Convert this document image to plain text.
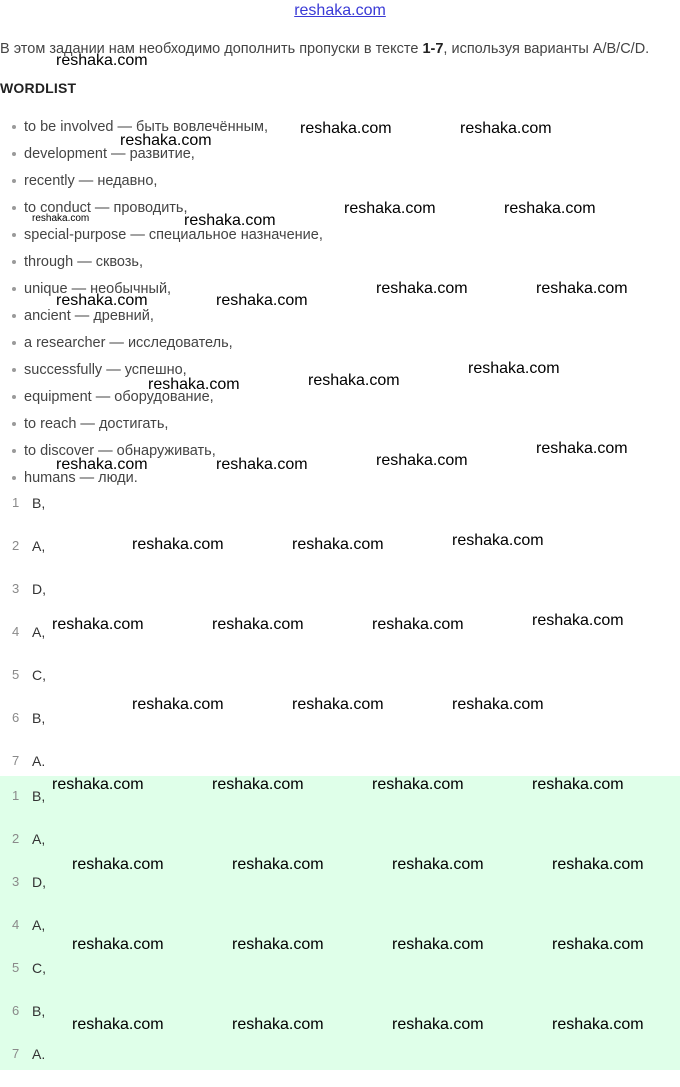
reshaka.com
В этом задании нам необходимо дополнить пропуски в тексте 1-7, используя варианты A/B/C/D.
WORDLIST
to be involved — быть вовлечённым,
development — развитие,
recently — недавно,
to conduct — проводить,
special-purpose — специальное назначение,
through — сквозь,
unique — необычный,
ancient — древний,
a researcher — исследователь,
successfully — успешно,
equipment — оборудование,
to reach — достигать,
to discover — обнаруживать,
humans — люди.
1 B,
2 A,
3 D,
4 A,
5 C,
6 B,
7 A.
1 B,
2 A,
3 D,
4 A,
5 C,
6 B,
7 A.
reshaka.com
reshaka.com	reshaka.com
reshaka.com
reshaka.com	reshaka.com
reshaka.com	reshaka.com
reshaka.com	reshaka.com
reshaka.com	reshaka.com
reshaka.com
reshaka.com
reshaka.com
reshaka.com
reshaka.com
reshaka.com	reshaka.com
reshaka.com
reshaka.com	reshaka.com
reshaka.com
reshaka.com	reshaka.com	reshaka.com
reshaka.com	reshaka.com	reshaka.com
reshaka.com	reshaka.com	reshaka.com	reshaka.com
reshaka.com	reshaka.com	reshaka.com	reshaka.com
reshaka.com	reshaka.com	reshaka.com	reshaka.com
reshaka.com	reshaka.com	reshaka.com	reshaka.com
